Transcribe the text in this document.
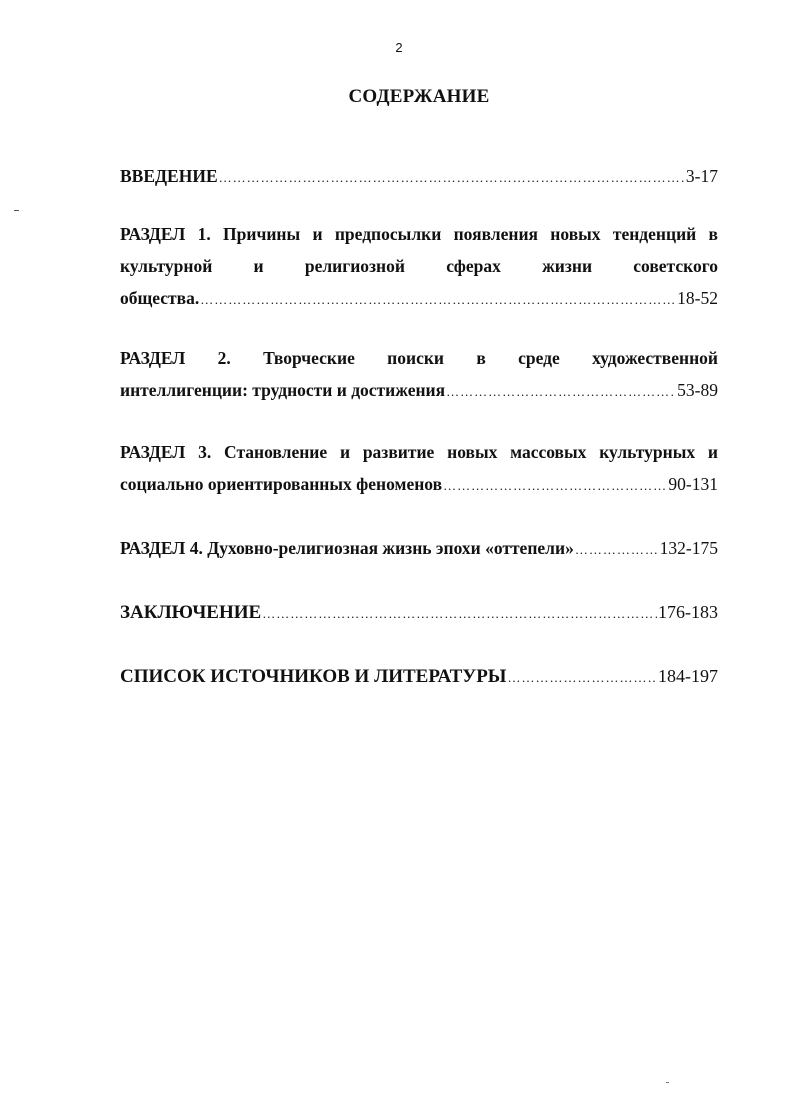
2
СОДЕРЖАНИЕ
ВВЕДЕНИЕ …………………………………………………………………………………………………………………………………………………………	3-17
РАЗДЕЛ 1. Причины и предпосылки появления новых тенденций в
культурной и религиозной сферах жизни советского
общества. …………………………………………………………………………………………………………………………………………………………	18-52
РАЗДЕЛ 2. Творческие поиски в среде художественной
интеллигенции: трудности и достижения …………………………………………………………………………………………………………………………………………………………	53-89
РАЗДЕЛ 3. Становление и развитие новых массовых культурных и
социально ориентированных феноменов …………………………………………………………………………………………………………………………………………………………	90-131
РАЗДЕЛ 4. Духовно-религиозная жизнь эпохи «оттепели» …………………………………………………………………………………………………………………………………………………………	132-175
ЗАКЛЮЧЕНИЕ …………………………………………………………………………………………………………………………………………………………	176-183
СПИСОК ИСТОЧНИКОВ И ЛИТЕРАТУРЫ …………………………………………………………………………………………………………………………………………………………	184-197
